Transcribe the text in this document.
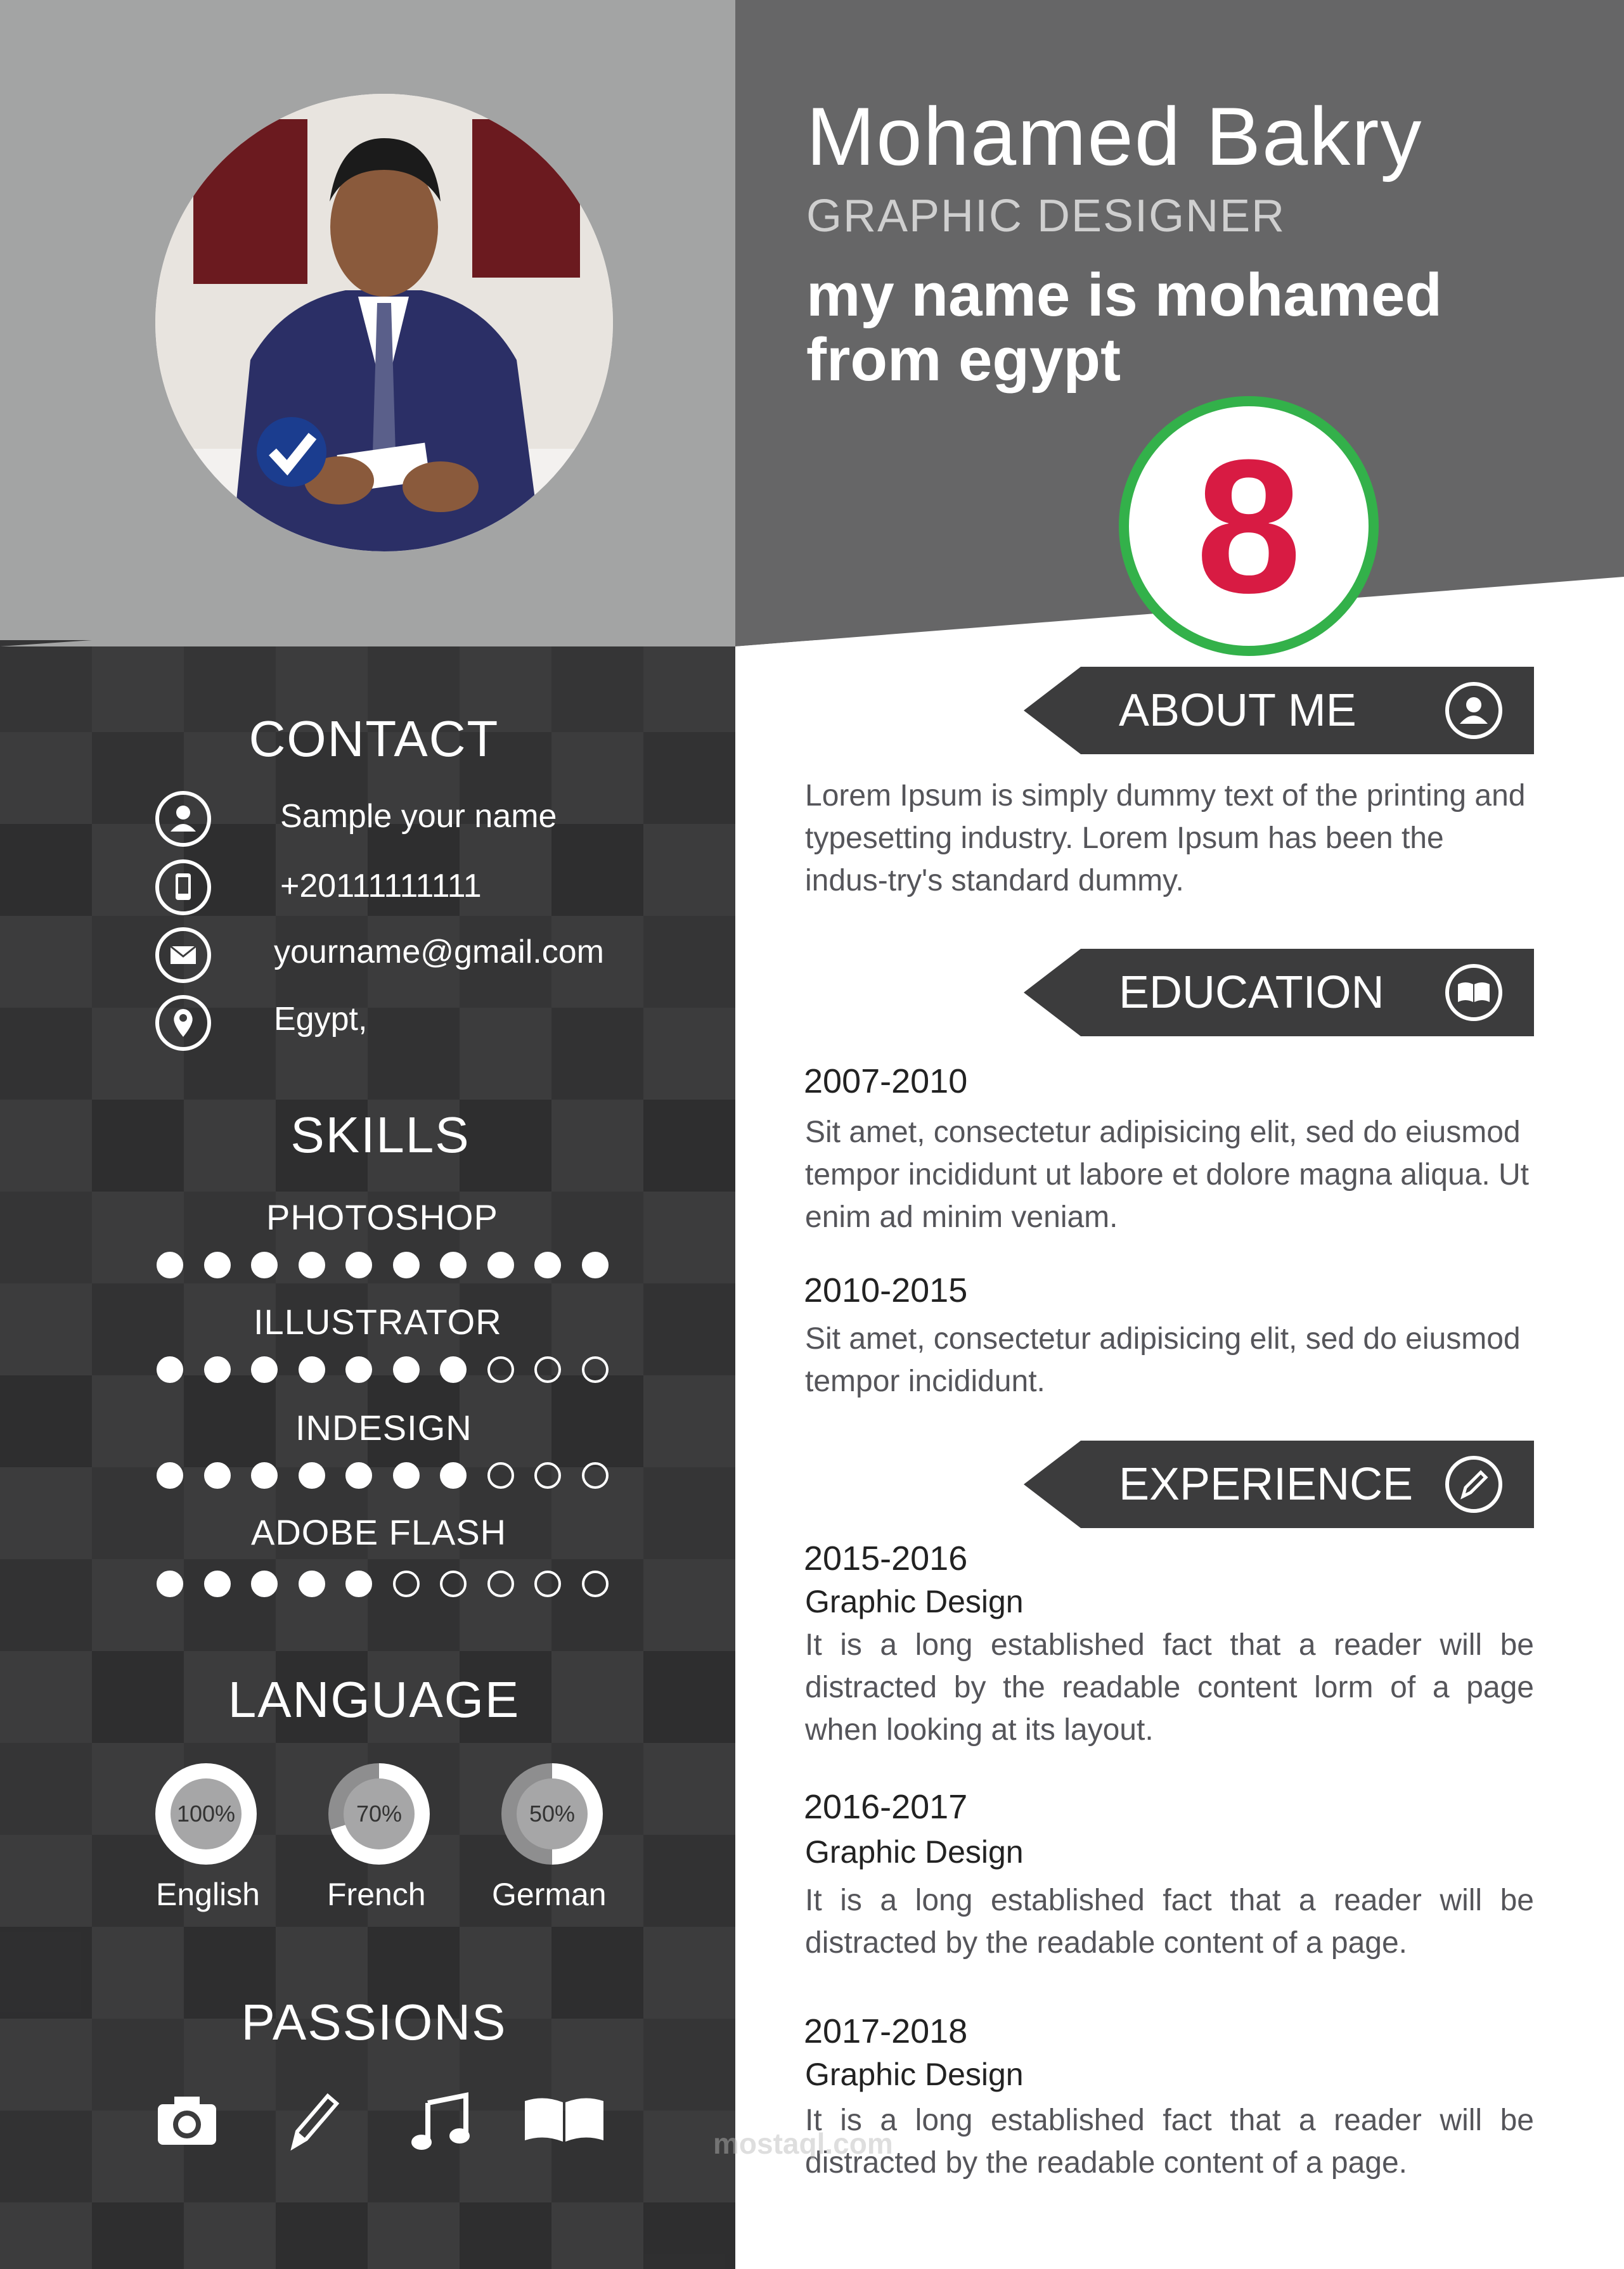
Mohamed Bakry
GRAPHIC DESIGNER
my name is mohamed from egypt
8
ABOUT ME
Lorem Ipsum is simply dummy text of the printing and typesetting industry. Lorem Ipsum has been the indus-try's standard dummy.
EDUCATION
2007-2010
Sit amet, consectetur adipisicing elit, sed do eiusmod tempor incididunt ut labore et dolore magna aliqua. Ut enim ad minim veniam.
2010-2015
Sit amet, consectetur adipisicing elit, sed do eiusmod tempor incididunt.
EXPERIENCE
2015-2016
Graphic Design
It is a long established fact that a reader will be distracted by the readable content lorm of a page when looking at its layout.
2016-2017
Graphic Design
It is a long established fact that a reader will be distracted by the readable content of a page.
2017-2018
Graphic Design
It is a long established fact that a reader will be distracted by the readable content of a page.
CONTACT
Sample your name
+20111111111
yourname@gmail.com
Egypt,
SKILLS
PHOTOSHOP
ILLUSTRATOR
INDESIGN
ADOBE FLASH
LANGUAGE
100%
English
70%
French
50%
German
PASSIONS
mostaql.com
